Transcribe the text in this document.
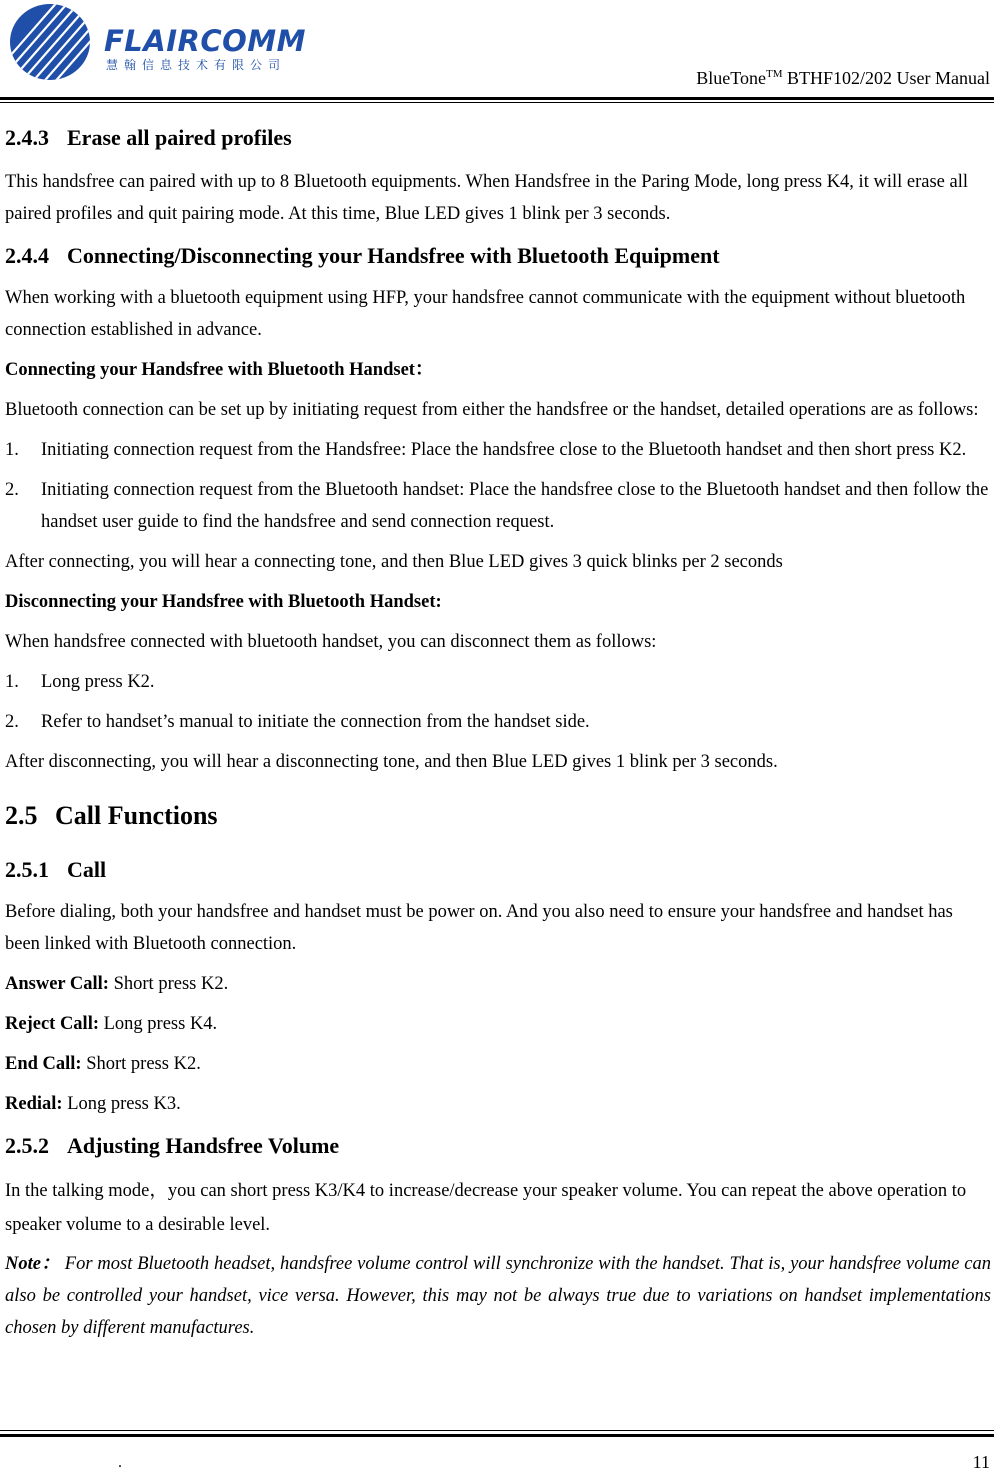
FLAIRCOMM
慧翰信息技术有限公司
BlueTone™ BTHF102/202 User Manual
2.4.3 Erase all paired profiles

This handsfree can paired with up to 8 Bluetooth equipments. When Handsfree in the Paring Mode, long press K4, it will erase all paired profiles and quit pairing mode. At this time, Blue LED gives 1 blink per 3 seconds.

2.4.4 Connecting/Disconnecting your Handsfree with Bluetooth Equipment

When working with a bluetooth equipment using HFP, your handsfree cannot communicate with the equipment without bluetooth connection established in advance.

Connecting your Handsfree with Bluetooth Handset：

Bluetooth connection can be set up by initiating request from either the handsfree or the handset, detailed operations are as follows:

1. Initiating connection request from the Handsfree: Place the handsfree close to the Bluetooth handset and then short press K2.
2. Initiating connection request from the Bluetooth handset: Place the handsfree close to the Bluetooth handset and then follow the handset user guide to find the handsfree and send connection request.

After connecting, you will hear a connecting tone, and then Blue LED gives 3 quick blinks per 2 seconds

Disconnecting your Handsfree with Bluetooth Handset:

When handsfree connected with bluetooth handset, you can disconnect them as follows:

1. Long press K2.
2. Refer to handset’s manual to initiate the connection from the handset side.

After disconnecting, you will hear a disconnecting tone, and then Blue LED gives 1 blink per 3 seconds.

2.5 Call Functions
2.5.1 Call

Before dialing, both your handsfree and handset must be power on. And you also need to ensure your handsfree and handset has been linked with Bluetooth connection.

Answer Call: Short press K2.

Reject Call: Long press K4.

End Call: Short press K2.

Redial: Long press K3.

2.5.2 Adjusting Handsfree Volume

In the talking mode，you can short press K3/K4 to increase/decrease your speaker volume. You can repeat the above operation to speaker volume to a desirable level.

Note： For most Bluetooth headset, handsfree volume control will synchronize with the handset. That is, your handsfree volume can also be controlled your handset, vice versa. However, this may not be always true due to variations on handset implementations chosen by different manufactures.

.	11
